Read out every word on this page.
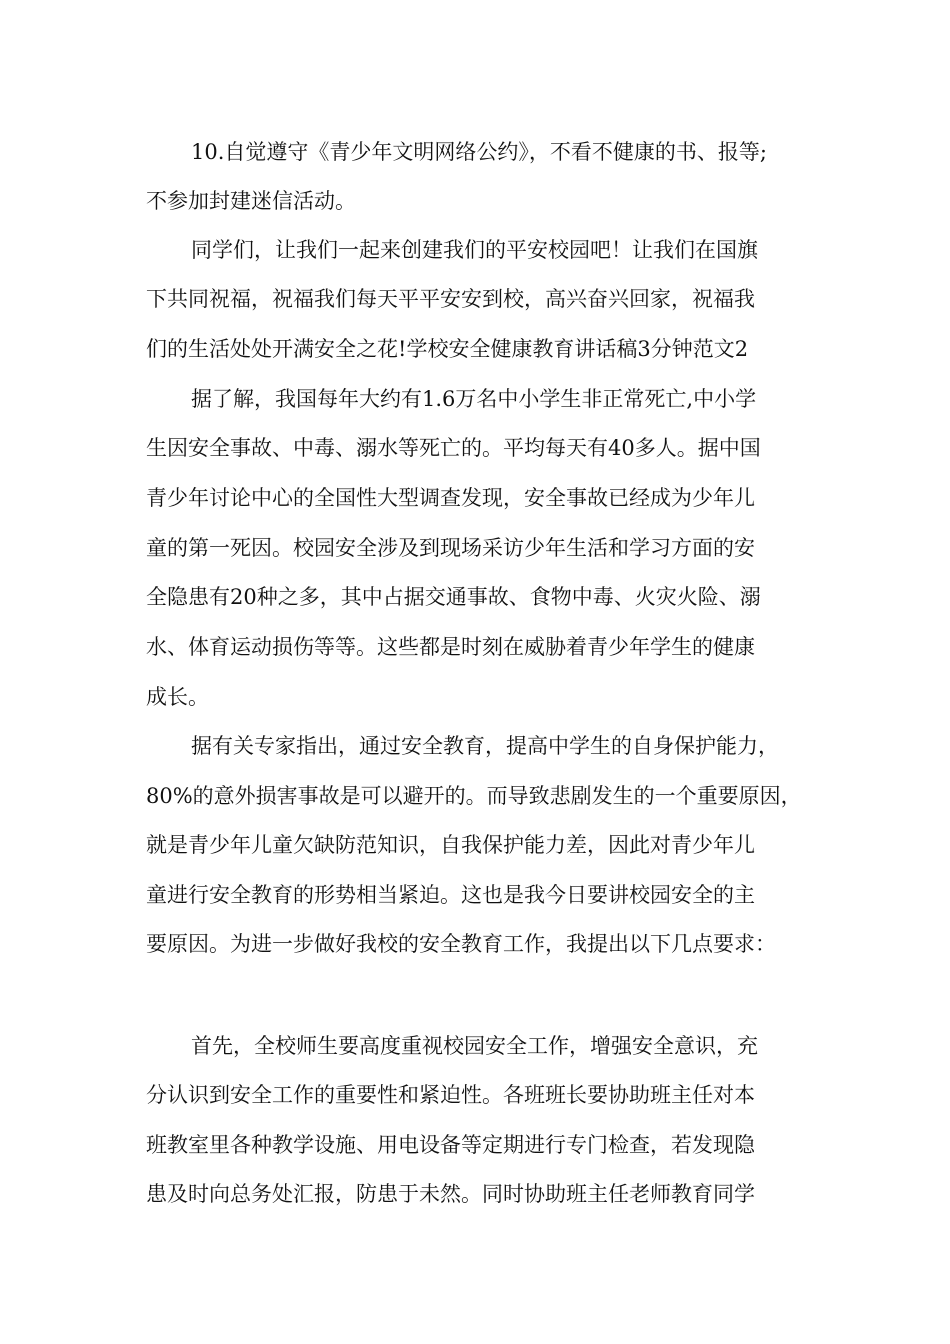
10.自觉遵守《青少年文明网络公约》，不看不健康的书、报等;
不参加封建迷信活动。
同学们，让我们一起来创建我们的平安校园吧！让我们在国旗
下共同祝福，祝福我们每天平平安安到校，高兴奋兴回家，祝福我
们的生活处处开满安全之花!学校安全健康教育讲话稿3分钟范文2
据了解，我国每年大约有1.6万名中小学生非正常死亡,中小学
生因安全事故、中毒、溺水等死亡的。平均每天有40多人。据中国
青少年讨论中心的全国性大型调查发现，安全事故已经成为少年儿
童的第一死因。校园安全涉及到现场采访少年生活和学习方面的安
全隐患有20种之多，其中占据交通事故、食物中毒、火灾火险、溺
水、体育运动损伤等等。这些都是时刻在威胁着青少年学生的健康
成长。
据有关专家指出，通过安全教育，提高中学生的自身保护能力，
80%的意外损害事故是可以避开的。而导致悲剧发生的一个重要原因，
就是青少年儿童欠缺防范知识，自我保护能力差，因此对青少年儿
童进行安全教育的形势相当紧迫。这也是我今日要讲校园安全的主
要原因。为进一步做好我校的安全教育工作，我提出以下几点要求：
首先，全校师生要高度重视校园安全工作，增强安全意识，充
分认识到安全工作的重要性和紧迫性。各班班长要协助班主任对本
班教室里各种教学设施、用电设备等定期进行专门检查，若发现隐
患及时向总务处汇报，防患于未然。同时协助班主任老师教育同学
